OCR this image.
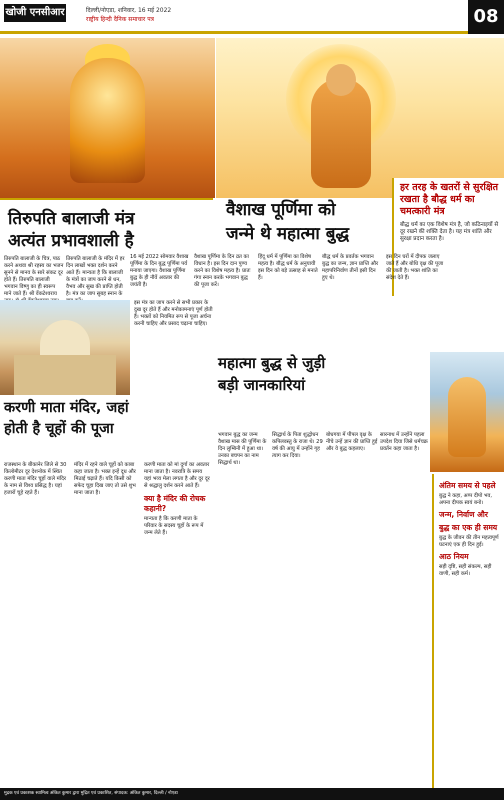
खोजी एनसीआर	दिल्ली/नोएडा, शनिवार, 16 मई 2022
राष्ट्रीय हिन्दी दैनिक समाचार पत्र	08
तिरुपति बालाजी मंत्र
अत्यंत प्रभावशाली है
हर तरह के खतरों से सुरक्षित रखता है बौद्ध धर्म का चमत्कारी मंत्र
बौद्ध धर्म का एक विशेष मंत्र है, जो कठिनाइयों से दूर रखने की शक्ति देता है। यह मंत्र शांति और सुरक्षा प्रदान करता है।
वैशाख पूर्णिमा को
जन्मे थे महात्मा बुद्ध
16 मई 2022 सोमवार वैशाख पूर्णिमा के दिन बुद्ध पूर्णिमा पर्व मनाया जाएगा। वैशाख पूर्णिमा बुद्ध के ही नौवें अवतार की जयंती है।
वैशाख पूर्णिमा के दिन व्रत का विधान है। इस दिन दान पुण्य करने का विशेष महत्व है। प्रातः गंगा स्नान करके भगवान बुद्ध की पूजा करें।
हिंदू धर्म में पूर्णिमा का विशेष महत्व है। बौद्ध धर्म के अनुयायी इस दिन को बड़े उत्साह से मनाते हैं।
बौद्ध धर्म के प्रवर्तक भगवान बुद्ध का जन्म, ज्ञान प्राप्ति और महापरिनिर्वाण तीनों इसी दिन हुए थे।
इस दिन घरों में दीपक जलाए जाते हैं और बोधि वृक्ष की पूजा की जाती है। भक्त शांति का संदेश देते हैं।
तिरुपति बालाजी के चित्र, पाठ करने अथवा श्री रहस्य का भजन सुनने से मानव के सारे संकट दूर होते हैं। तिरुपति बालाजी भगवान विष्णु का ही स्वरूप माने जाते हैं। श्री वेंकटेश्वराय
तिरुपति बालाजी के मंदिर में हर दिन लाखों भक्त दर्शन करने आते हैं। मान्यता है कि बालाजी के मंत्रों का जाप करने से धन, वैभव और सुख की प्राप्ति होती है। मंत्र का जाप सुबह स्नान के
इस मंत्र का जाप करने से सभी प्रकार के दुख दूर होते हैं और मनोकामनाएं पूर्ण होती हैं। भक्तों को नियमित रूप से पूजा अर्चना करनी चाहिए और प्रसाद चढ़ाना चाहिए।
करणी माता मंदिर, जहां
होती है चूहों की पूजा
राजस्थान के बीकानेर जिले से 30 किलोमीटर दूर देशनोक में स्थित करणी माता मंदिर चूहों वाले मंदिर के नाम से विश्व प्रसिद्ध है। यहां हजारों चूहे रहते हैं।
मंदिर में रहने वाले चूहों को काबा कहा जाता है। भक्त इन्हें दूध और मिठाई चढ़ाते हैं। यदि किसी को सफेद चूहा दिख जाए तो उसे शुभ माना जाता है।
करणी माता को मां दुर्गा का अवतार माना जाता है। नवरात्रि के समय यहां भव्य मेला लगता है और दूर दूर से श्रद्धालु दर्शन करने आते हैं।
क्या है मंदिर की रोचक कहानी?
मान्यता है कि करणी माता के परिवार के सदस्य चूहों के रूप में जन्म लेते हैं।
महात्मा बुद्ध से जुड़ी
बड़ी जानकारियां
भगवान बुद्ध का जन्म वैशाख मास की पूर्णिमा के दिन लुम्बिनी में हुआ था। उनका बचपन का नाम सिद्धार्थ था।
सिद्धार्थ के पिता शुद्धोधन कपिलवस्तु के राजा थे। 29 वर्ष की आयु में उन्होंने गृह त्याग कर दिया।
बोधगया में पीपल वृक्ष के नीचे उन्हें ज्ञान की प्राप्ति हुई और वे बुद्ध कहलाए।
सारनाथ में उन्होंने पहला उपदेश दिया जिसे धर्मचक्र प्रवर्तन कहा जाता है।
अंतिम समय से पहले
बुद्ध ने कहा, अप्प दीपो भव, अपना दीपक स्वयं बनो।
जन्म, निर्वाण और
बुद्ध का एक ही समय
बुद्ध के जीवन की तीन महत्वपूर्ण घटनाएं एक ही दिन हुईं।
आठ नियम
सही दृष्टि, सही संकल्प, सही वाणी, सही कर्म।
मुद्रक एवं प्रकाशक स्वामित्व अंकित कुमार द्वारा मुद्रित एवं प्रकाशित, संपादक: अंकित कुमार, दिल्ली / नोएडा
